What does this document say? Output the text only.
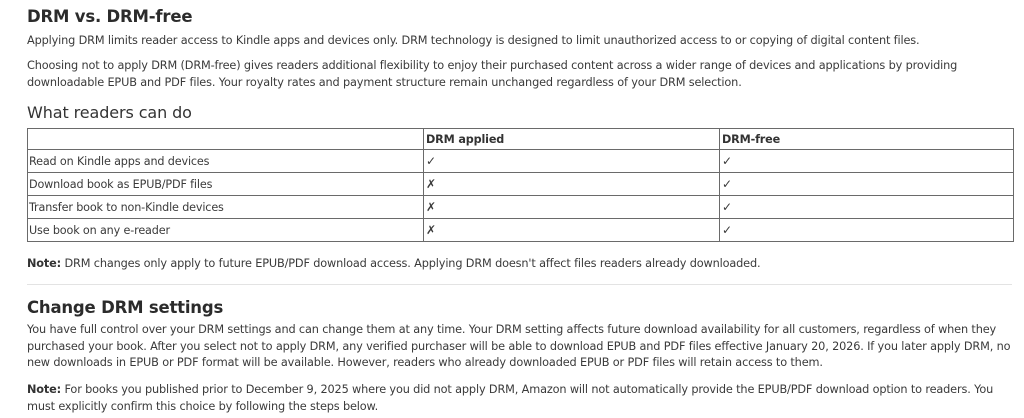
DRM vs. DRM-free

Applying DRM limits reader access to Kindle apps and devices only. DRM technology is designed to limit unauthorized access to or copying of digital content files.

Choosing not to apply DRM (DRM-free) gives readers additional flexibility to enjoy their purchased content across a wider range of devices and applications by providing downloadable EPUB and PDF files. Your royalty rates and payment structure remain unchanged regardless of your DRM selection.

What readers can do
	DRM applied	DRM-free
Read on Kindle apps and devices	✓	✓
Download book as EPUB/PDF files	✗	✓
Transfer book to non-Kindle devices	✗	✓
Use book on any e-reader	✗	✓

Note: DRM changes only apply to future EPUB/PDF download access. Applying DRM doesn't affect files readers already downloaded.

Change DRM settings

You have full control over your DRM settings and can change them at any time. Your DRM setting affects future download availability for all customers, regardless of when they purchased your book. After you select not to apply DRM, any verified purchaser will be able to download EPUB and PDF files effective January 20, 2026. If you later apply DRM, no new downloads in EPUB or PDF format will be available. However, readers who already downloaded EPUB or PDF files will retain access to them.

Note: For books you published prior to December 9, 2025 where you did not apply DRM, Amazon will not automatically provide the EPUB/PDF download option to readers. You must explicitly confirm this choice by following the steps below.
